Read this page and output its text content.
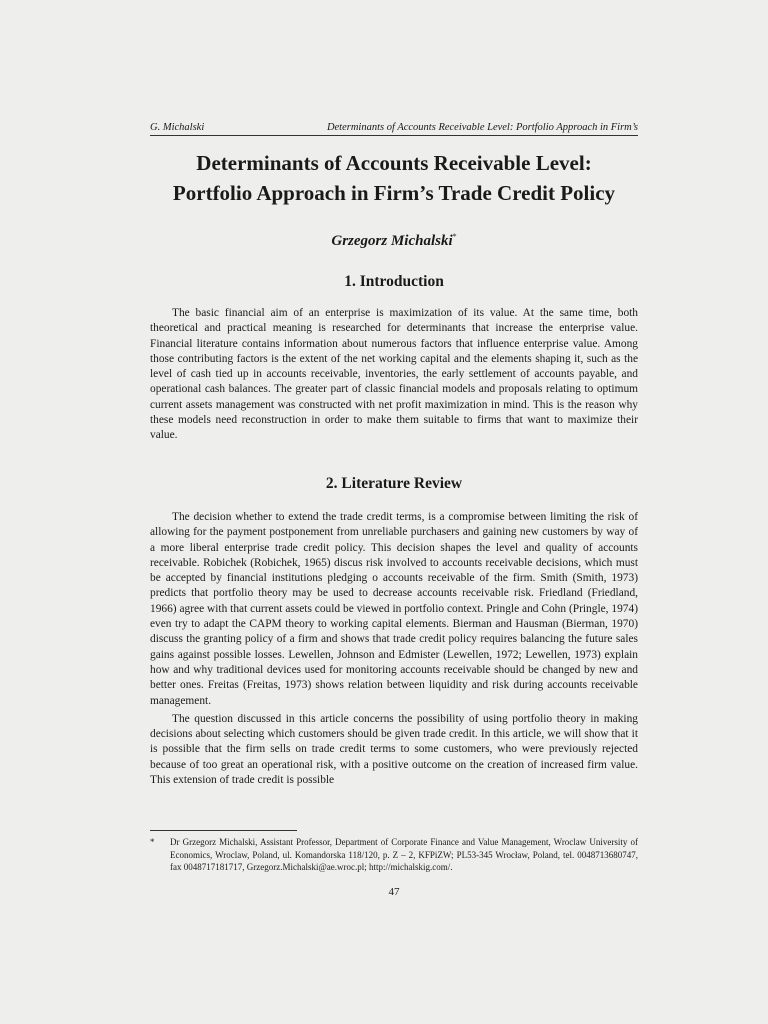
G. Michalski	Determinants of Accounts Receivable Level: Portfolio Approach in Firm’s
Determinants of Accounts Receivable Level:
Portfolio Approach in Firm’s Trade Credit Policy
Grzegorz Michalski*
1. Introduction

The basic financial aim of an enterprise is maximization of its value. At the same time, both theoretical and practical meaning is researched for determinants that increase the enterprise value. Financial literature contains information about numerous factors that influence enterprise value. Among those contributing factors is the extent of the net working capital and the elements shaping it, such as the level of cash tied up in accounts receivable, inventories, the early settlement of accounts payable, and operational cash balances. The greater part of classic financial models and proposals relating to optimum current assets management was constructed with net profit maximization in mind. This is the reason why these models need reconstruction in order to make them suitable to firms that want to maximize their value.

2. Literature Review

The decision whether to extend the trade credit terms, is a compromise between limiting the risk of allowing for the payment postponement from unreliable purchasers and gaining new customers by way of a more liberal enterprise trade credit policy. This decision shapes the level and quality of accounts receivable. Robichek (Robichek, 1965) discus risk involved to accounts receivable decisions, which must be accepted by financial institutions pledging o accounts receivable of the firm. Smith (Smith, 1973) predicts that portfolio theory may be used to decrease accounts receivable risk. Friedland (Friedland, 1966) agree with that current assets could be viewed in portfolio context. Pringle and Cohn (Pringle, 1974) even try to adapt the CAPM theory to working capital elements. Bierman and Hausman (Bierman, 1970) discuss the granting policy of a firm and shows that trade credit policy requires balancing the future sales gains against possible losses. Lewellen, Johnson and Edmister (Lewellen, 1972; Lewellen, 1973) explain how and why traditional devices used for monitoring accounts receivable should be changed by new and better ones. Freitas (Freitas, 1973) shows relation between liquidity and risk during accounts receivable management.

The question discussed in this article concerns the possibility of using portfolio theory in making decisions about selecting which customers should be given trade credit. In this article, we will show that it is possible that the firm sells on trade credit terms to some customers, who were previously rejected because of too great an operational risk, with a positive outcome on the creation of increased firm value. This extension of trade credit is possible

*	Dr Grzegorz Michalski, Assistant Professor, Department of Corporate Finance and Value Management, Wroclaw University of Economics, Wroclaw, Poland, ul. Komandorska 118/120, p. Z – 2, KFPiZW; PL53-345 Wrocław, Poland, tel. 0048713680747, fax 0048717181717, Grzegorz.Michalski@ae.wroc.pl; http://michalskig.com/.
47
